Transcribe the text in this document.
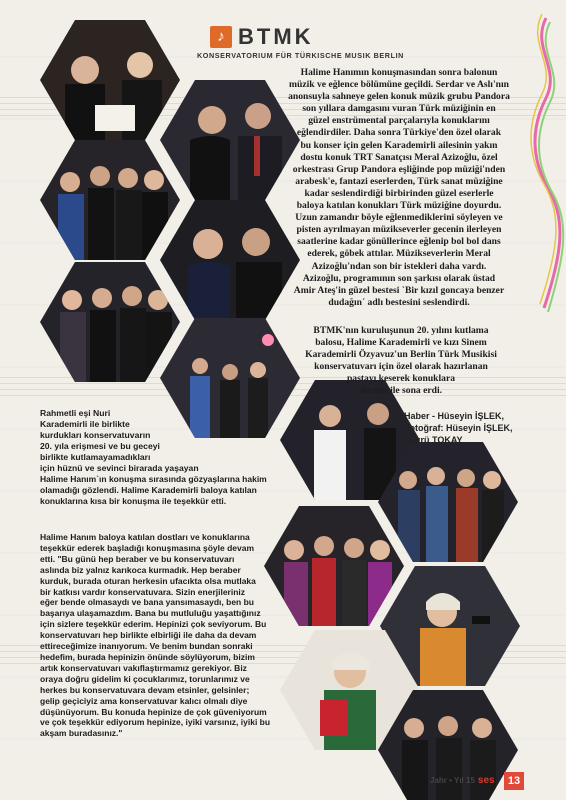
♪ BTMK
KONSERVATORIUM FÜR TÜRKISCHE MUSIK BERLIN

Halime Hanımın konuşmasından sonra balonun

müzik ve eğlence bölümüne geçildi. Serdar ve Aslı'nın

anonsuyla sahneye gelen konuk müzik grubu Pandora

son yıllara damgasını vuran Türk müziğinin en

güzel enstrümental parçalarıyla konuklarını

eğlendirdiler. Daha sonra Türkiye'den özel olarak

bu konser için gelen Karademirli ailesinin yakın

dostu konuk TRT Sanatçısı Meral Azizoğlu, özel

orkestrası Grup Pandora eşliğinde pop müziği'nden

arabesk'e, fantazi eserlerden, Türk sanat müziğine

kadar seslendirdiği birbirinden güzel eserlerle

baloya katılan konukları Türk müziğine doyurdu.

Uzun zamandır böyle eğlenmediklerini söyleyen ve

pisten ayrılmayan müzikseverler gecenin ilerleyen

saatlerine kadar gönüllerince eğlenip bol bol dans

ederek, göbek attılar. Müzikseverlerin Meral

Azizoğlu'ndan son bir istekleri daha vardı.

Azizoğlu, programının son şarkısı olarak üstad

Amir Ateş'in güzel bestesi `Bir kızıl goncaya benzer

dudağın´ adlı bestesini seslendirdi.

BTMK'nın kuruluşunun 20. yılını kutlama

balosu, Halime Karademirli ve kızı Sinem

Karademirli Özyavuz'un Berlin Türk Musikisi

konservatuvarı için özel olarak hazırlanan

pastayı keserek konuklara

ikramı ile sona erdi.

Haber - Hüseyin İŞLEK,
Fotoğraf: Hüseyin İŞLEK,
Şükrü TOKAY
Rahmetli eşi Nuri
Karademirli ile birlikte
kurdukları konservatuvarın
20. yıla erişmesi ve bu geceyi
birlikte kutlamayamadıkları
için hüznü ve sevinci birarada yaşayan
Halime Hanım`ın konuşma sırasında gözyaşlarına hakim
olamadığı gözlendi. Halime Karademirli baloya katılan
konuklarına kısa bir konuşma ile teşekkür etti.
Halime Hanım baloya katılan dostları ve konuklarına
teşekkür ederek başladığı konuşmasına şöyle devam
etti. "Bu günü hep beraber ve bu konservatuvarı
aslında biz yalnız karıkoca kurmadık. Hep beraber
kurduk, burada oturan herkesin ufacıkta olsa mutlaka
bir katkısı vardır konservatuvara. Sizin enerjileriniz
eğer bende olmasaydı ve bana yansımasaydı, ben bu
başarıya ulaşamazdım. Bana bu mutluluğu yaşattığınız
için sizlere teşekkür ederim. Hepinizi çok seviyorum. Bu
konservatuvarı hep birlikte elbirliği ile daha da devam
ettireceğimize inanıyorum. Ve benim bundan sonraki
hedefim, burada hepinizin önünde söylüyorum, bizim
artık konservatuvarı vakıflaştırmamız gerekiyor. Biz
oraya doğru gidelim ki çocuklarımız, torunlarımız ve
herkes bu konservatuvara devam etsinler, gelsinler;
gelip geçiciyiz ama konservatuvar kalıcı olmalı diye
düşünüyorum. Bu konuda hepinize de çok güveniyorum
ve çok teşekkür ediyorum hepinize, iyiki varsınız, iyiki bu
akşam buradasınız."
Jahr • Yıl 15 ses	13
